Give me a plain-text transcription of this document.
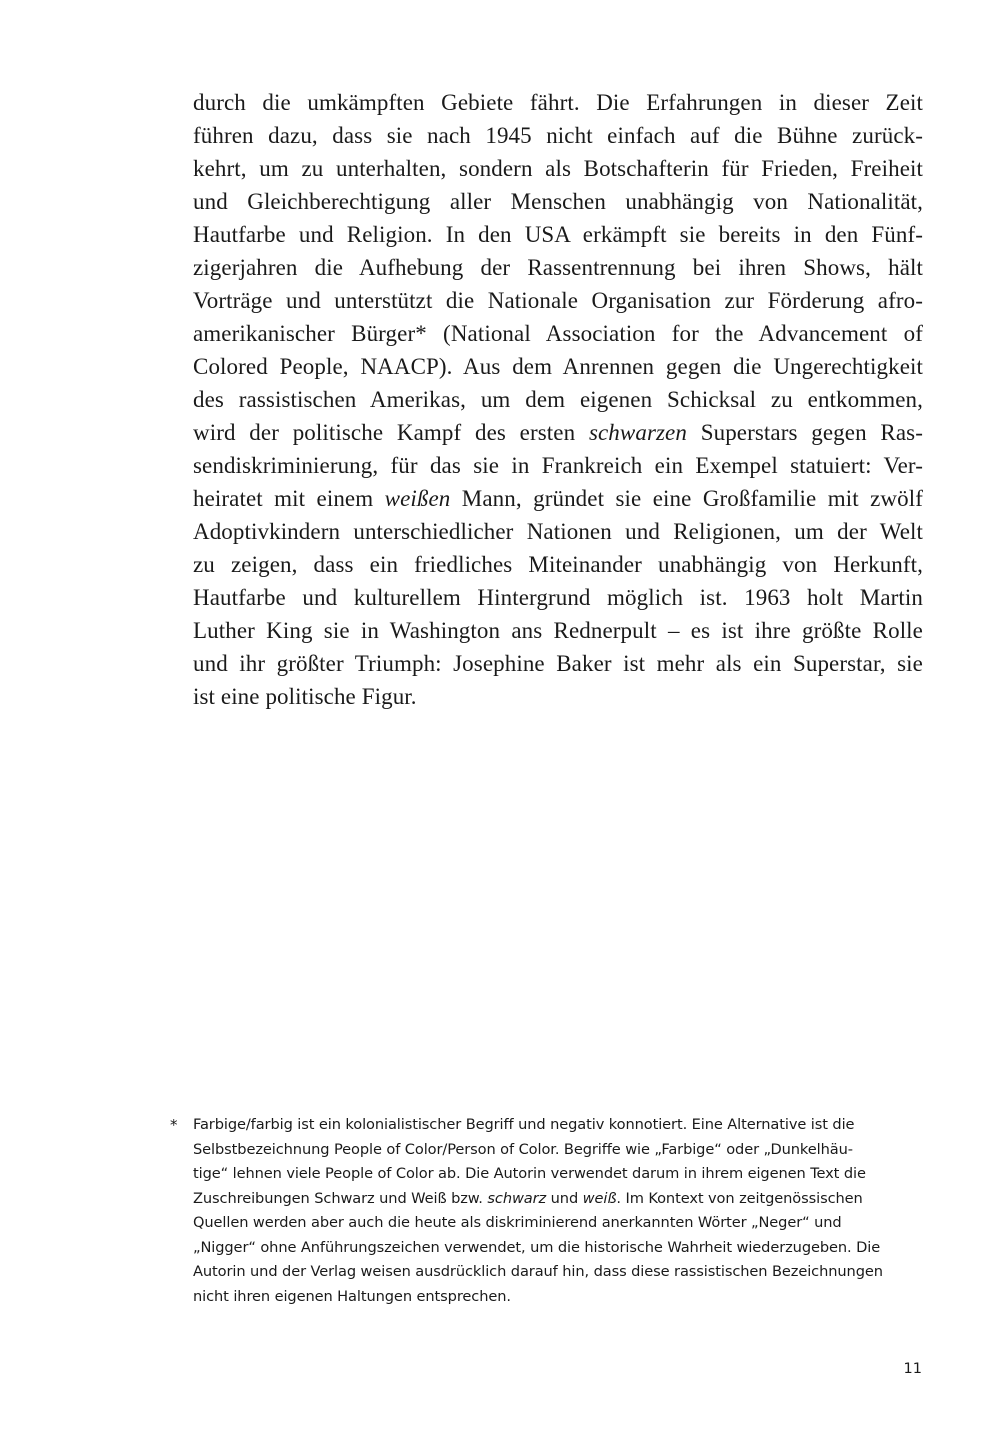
durch die umkämpften Gebiete fährt. Die Erfahrungen in dieser Zeit
führen dazu, dass sie nach 1945 nicht einfach auf die Bühne zurück-
kehrt, um zu unterhalten, sondern als Botschafterin für Frieden, Freiheit
und Gleichberechtigung aller Menschen unabhängig von Nationalität,
Hautfarbe und Religion. In den USA erkämpft sie bereits in den Fünf-
zigerjahren die Aufhebung der Rassentrennung bei ihren Shows, hält
Vorträge und unterstützt die Nationale Organisation zur Förderung afro-
amerikanischer Bürger* (National Association for the Advancement of
Colored People, NAACP). Aus dem Anrennen gegen die Ungerechtigkeit
des rassistischen Amerikas, um dem eigenen Schicksal zu entkommen,
wird der politische Kampf des ersten schwarzen Superstars gegen Ras-
sendiskriminierung, für das sie in Frankreich ein Exempel statuiert: Ver-
heiratet mit einem weißen Mann, gründet sie eine Großfamilie mit zwölf
Adoptivkindern unterschiedlicher Nationen und Religionen, um der Welt
zu zeigen, dass ein friedliches Miteinander unabhängig von Herkunft,
Hautfarbe und kulturellem Hintergrund möglich ist. 1963 holt Martin
Luther King sie in Washington ans Rednerpult – es ist ihre größte Rolle
und ihr größter Triumph: Josephine Baker ist mehr als ein Superstar, sie
ist eine politische Figur.
* Farbige/farbig ist ein kolonialistischer Begriff und negativ konnotiert. Eine Alternative ist die
Selbstbezeichnung People of Color/Person of Color. Begriffe wie „Farbige“ oder „Dunkelhäu-
tige“ lehnen viele People of Color ab. Die Autorin verwendet darum in ihrem eigenen Text die
Zuschreibungen Schwarz und Weiß bzw. schwarz und weiß. Im Kontext von zeitgenössischen
Quellen werden aber auch die heute als diskriminierend anerkannten Wörter „Neger“ und
„Nigger“ ohne Anführungszeichen verwendet, um die historische Wahrheit wiederzugeben. Die
Autorin und der Verlag weisen ausdrücklich darauf hin, dass diese rassistischen Bezeichnungen
nicht ihren eigenen Haltungen entsprechen.
11
